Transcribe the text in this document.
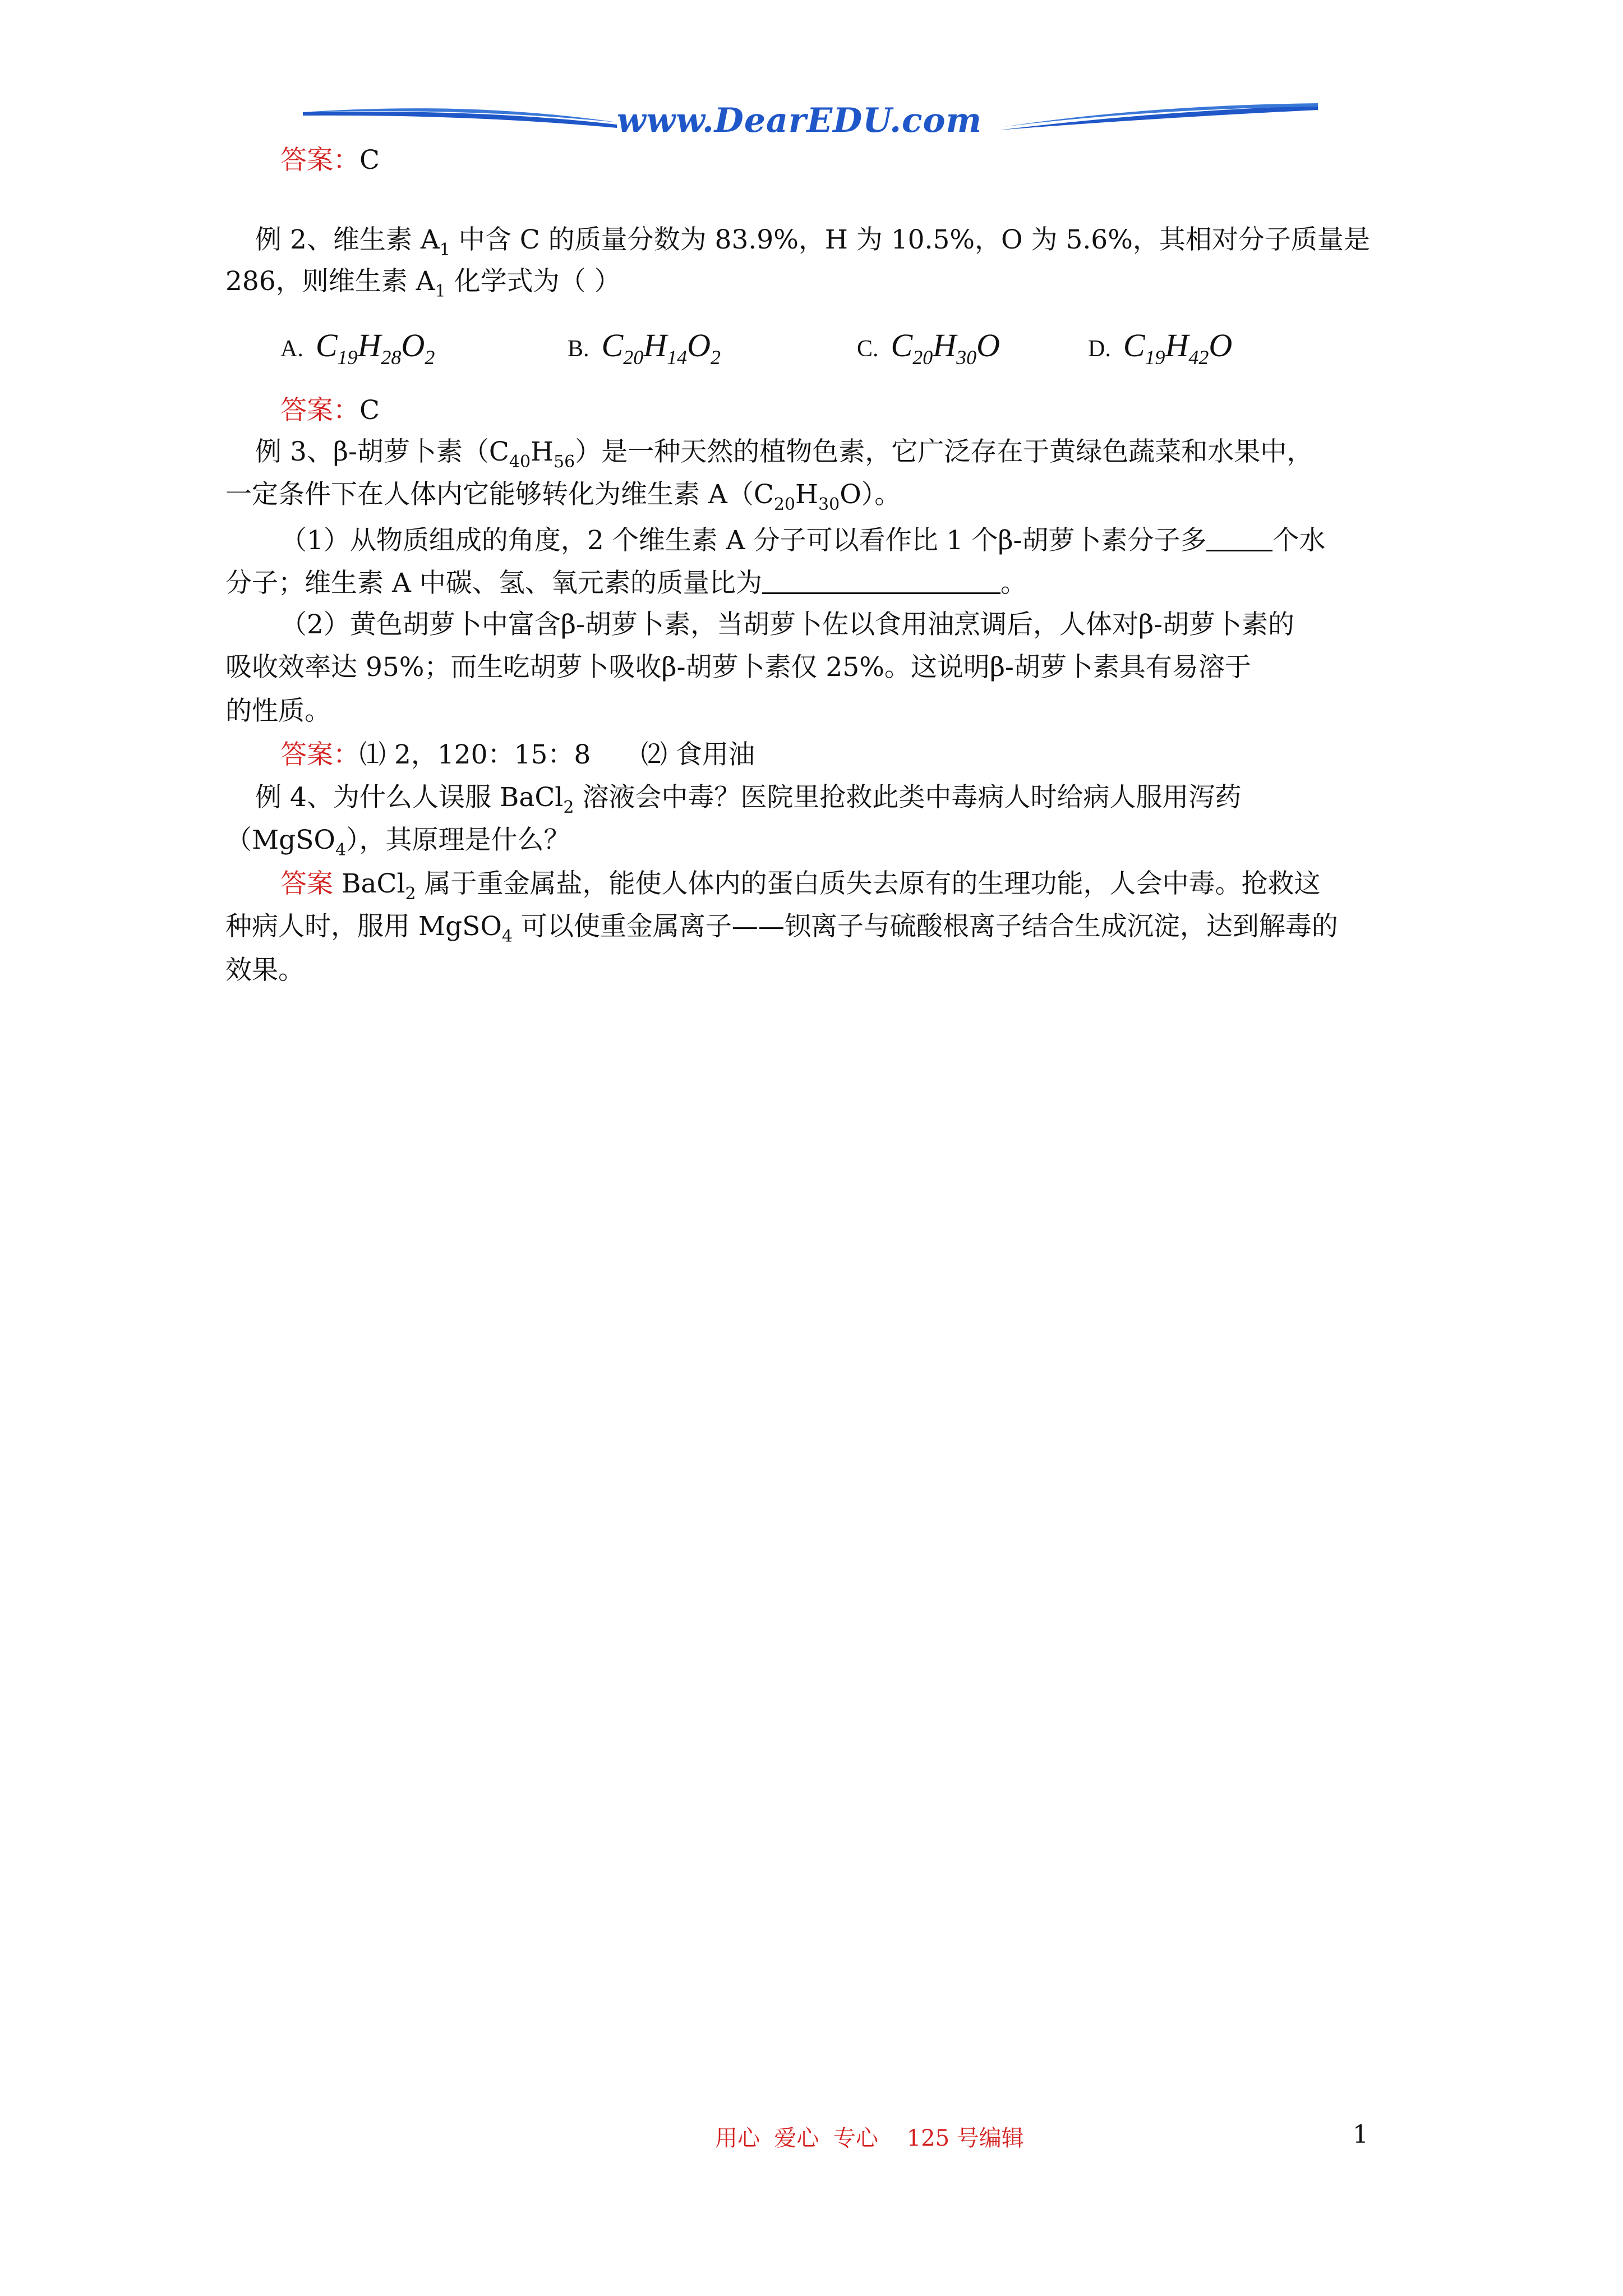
www.DearEDU.com
答案：C
例 2、维生素 $A_1$ 中含 C 的质量分数为 83.9%，H 为 10.5%，O 为 5.6%，其相对分子质量是
286，则维生素 $A_1$ 化学式为（ ）
A. $C_{19}H_{28}O_2$	B. $C_{20}H_{14}O_2$	C. $C_{20}H_{30}O$	D. $C_{19}H_{42}O$
答案：C
例 3、β-胡萝卜素$(C_{40}H_{56})$是一种天然的植物色素，它广泛存在于黄绿色蔬菜和水果中，
一定条件下在人体内它能够转化为维生素 $A(C_{20}H_{30}O)$。
（1）从物质组成的角度，2 个维生素 A 分子可以看作比 1 个β-胡萝卜素分子多	个水
分子；维生素 A 中碳、氢、氧元素的质量比为	。
（2）黄色胡萝卜中富含β-胡萝卜素，当胡萝卜佐以食用油烹调后，人体对β-胡萝卜素的
吸收效率达 95%；而生吃胡萝卜吸收β-胡萝卜素仅 25%。这说明β-胡萝卜素具有易溶于
的性质。
答案：⑴ 2，120：15：8      ⑵ 食用油
例 4、为什么人误服 BaCl$_2$ 溶液会中毒？医院里抢救此类中毒病人时给病人服用泻药
（MgSO$_4$），其原理是什么？
答案 BaCl$_2$ 属于重金属盐，能使人体内的蛋白质失去原有的生理功能，人会中毒。抢救这
种病人时，服用 MgSO$_4$ 可以使重金属离子——钡离子与硫酸根离子结合生成沉淀，达到解毒的
效果。
用心  爱心  专心    125 号编辑	1
